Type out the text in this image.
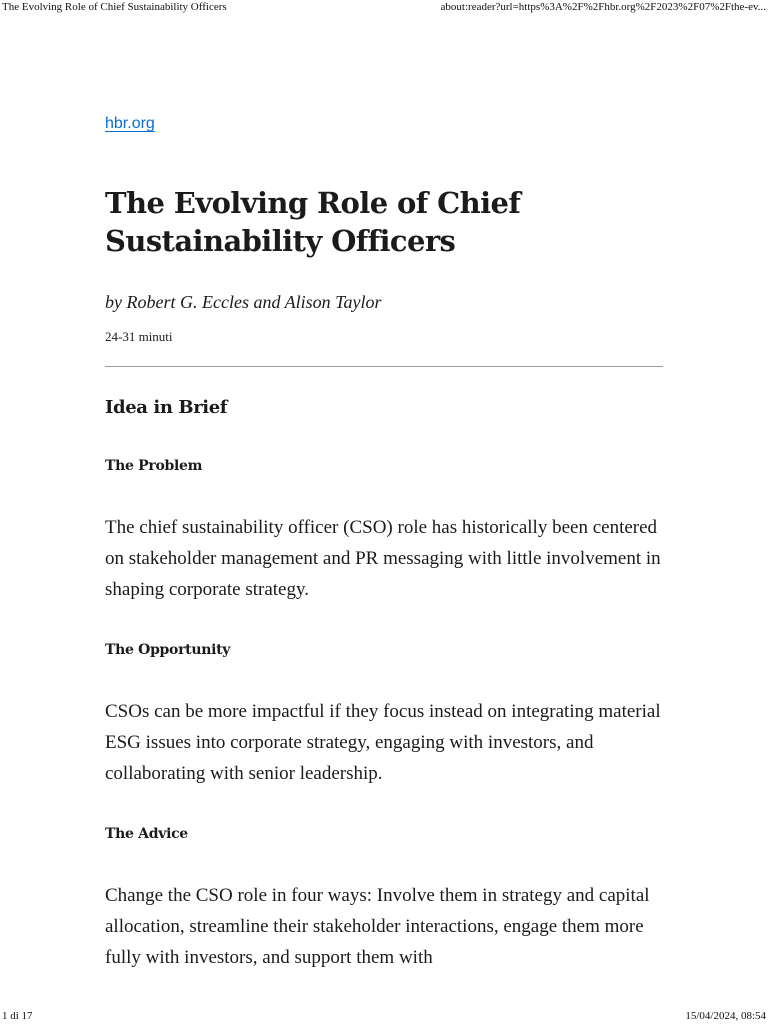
The Evolving Role of Chief Sustainability Officers	about:reader?url=https%3A%2F%2Fhbr.org%2F2023%2F07%2Fthe-ev...
hbr.org
The Evolving Role of Chief Sustainability Officers
by Robert G. Eccles and Alison Taylor
24-31 minuti
Idea in Brief
The Problem

The chief sustainability officer (CSO) role has historically been centered on stakeholder management and PR messaging with little involvement in shaping corporate strategy.

The Opportunity

CSOs can be more impactful if they focus instead on integrating material ESG issues into corporate strategy, engaging with investors, and collaborating with senior leadership.

The Advice

Change the CSO role in four ways: Involve them in strategy and capital allocation, streamline their stakeholder interactions, engage them more fully with investors, and support them with

1 di 17	15/04/2024, 08:54
